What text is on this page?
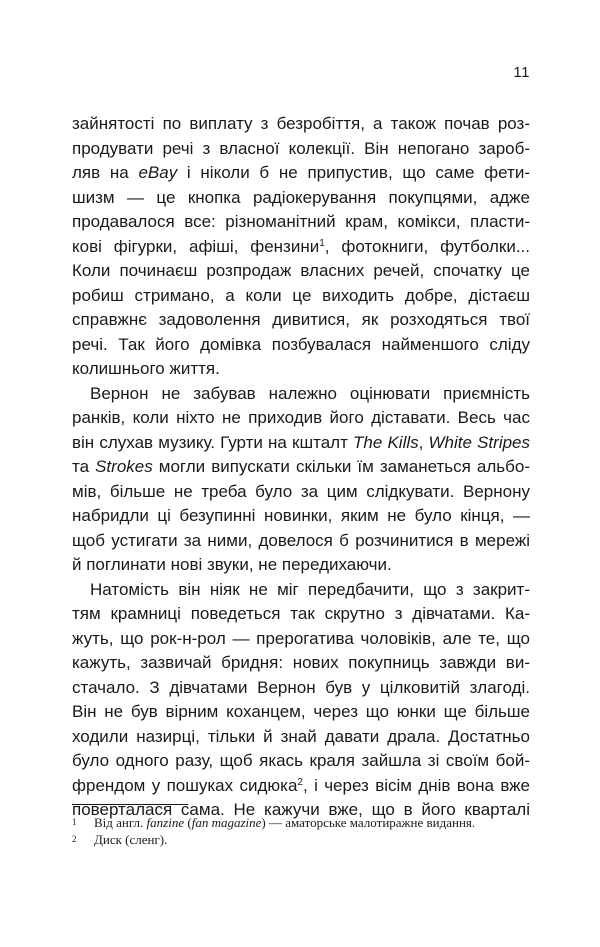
11
зайнятості по виплату з безробіття, а також почав роз-
продувати речі з власної колекції. Він непогано зароб-
ляв на eBay і ніколи б не припустив, що саме фети-
шизм — це кнопка радіокерування покупцями, адже
продавалося все: різноманітний крам, комікси, пласти-
кові фігурки, афіші, фензини$^1$, фотокниги, футболки...
Коли починаєш розпродаж власних речей, спочатку це
робиш стримано, а коли це виходить добре, дістаєш
справжнє задоволення дивитися, як розходяться твої
речі. Так його домівка позбувалася найменшого сліду
колишнього життя.
Вернон не забував належно оцінювати приємність
ранків, коли ніхто не приходив його діставати. Весь час
він слухав музику. Гурти на кшталт The Kills, White Stripes
та Strokes могли випускати скільки їм заманеться альбо-
мів, більше не треба було за цим слідкувати. Вернону
набридли ці безупинні новинки, яким не було кінця, —
щоб устигати за ними, довелося б розчинитися в мережі
й поглинати нові звуки, не передихаючи.
Натомість він ніяк не міг передбачити, що з закрит-
тям крамниці поведеться так скрутно з дівчатами. Ка-
жуть, що рок-н-рол — прерогатива чоловіків, але те, що
кажуть, зазвичай бридня: нових покупниць завжди ви-
стачало. З дівчатами Вернон був у цілковитій злагоді.
Він не був вірним коханцем, через що юнки ще більше
ходили назирці, тільки й знай давати драла. Достатньо
було одного разу, щоб якась краля зайшла зі своїм бой-
френдом у пошуках сидюка$^2$, і через вісім днів вона вже
поверталася сама. Не кажучи вже, що в його кварталі
1	Від англ. fanzine (fan magazine) — аматорське малотиражне видання.
2	Диск (сленг).
